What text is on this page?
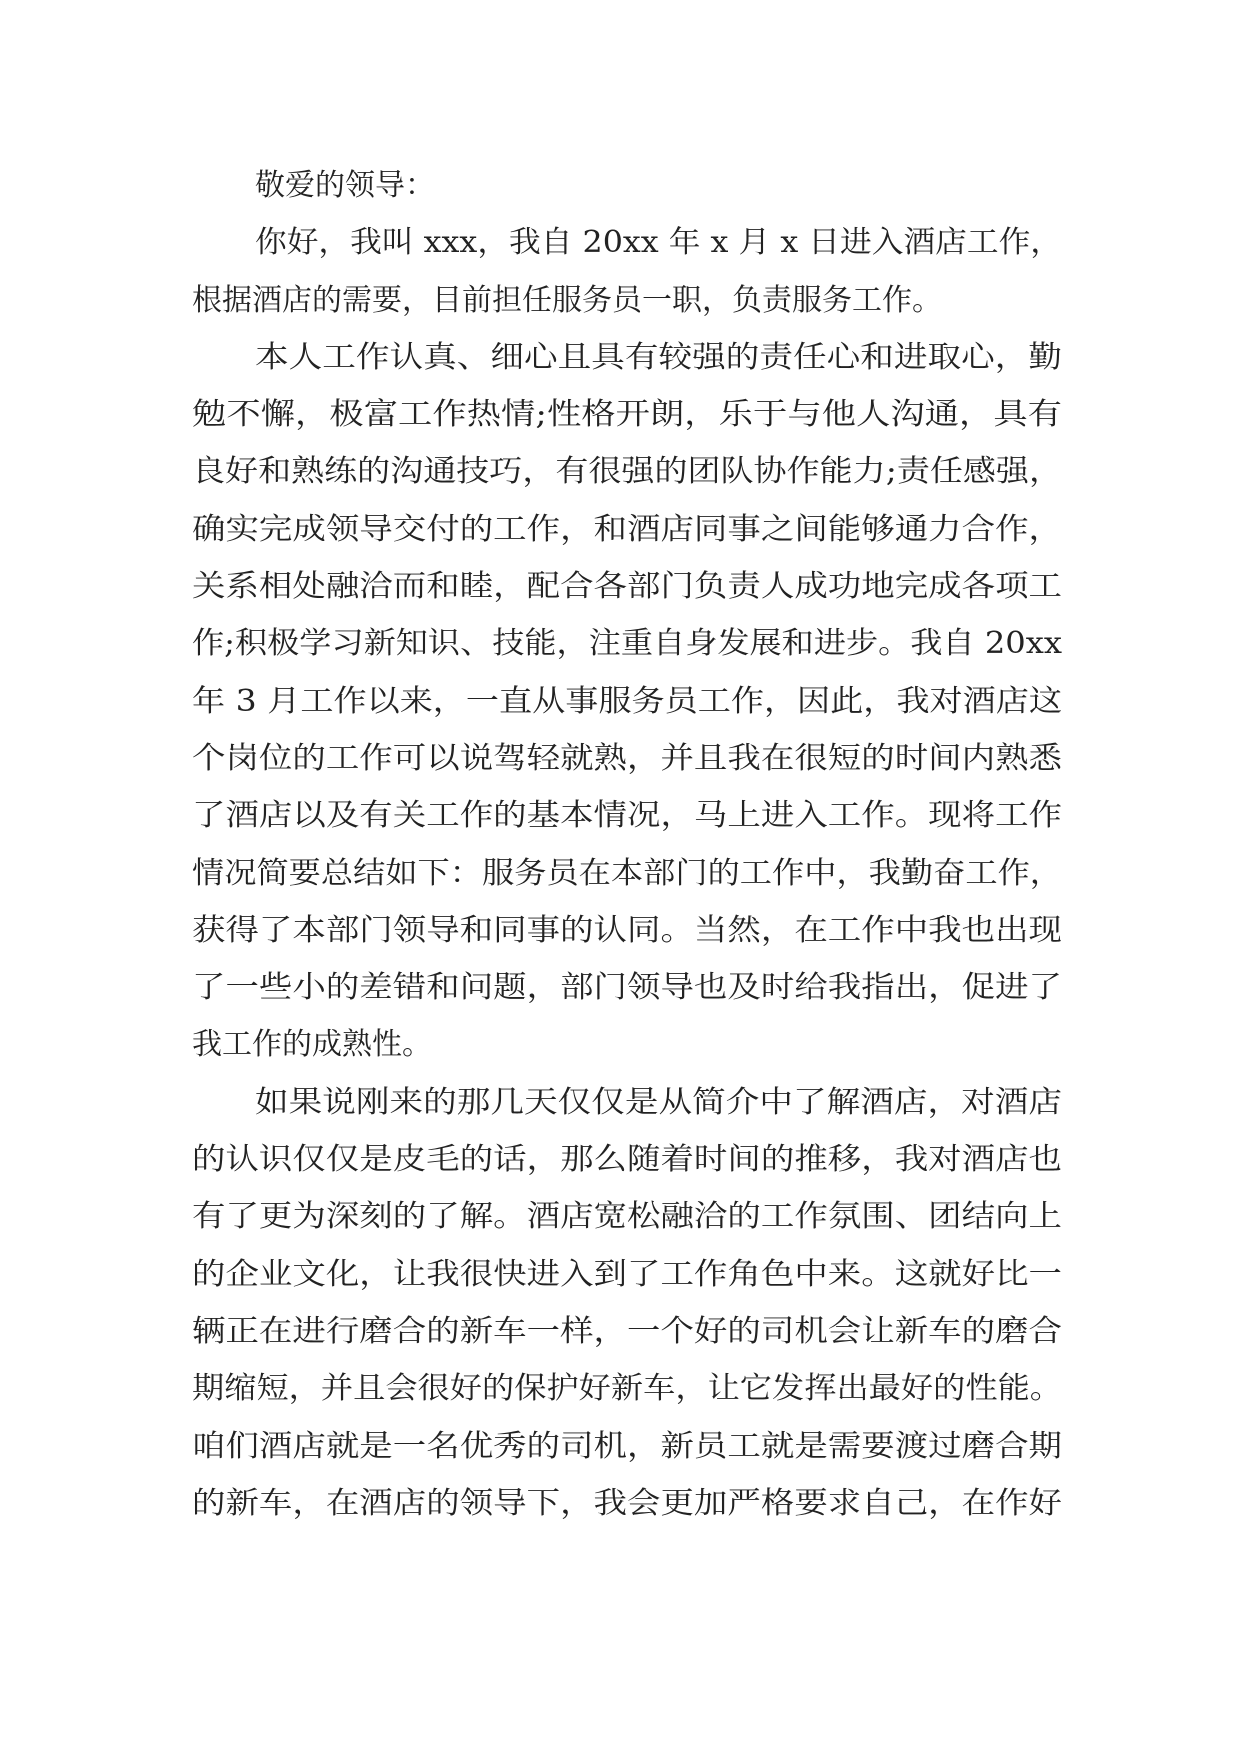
敬爱的领导：
你好，我叫 xxx，我自 20xx 年 x 月 x 日进入酒店工作，
根据酒店的需要，目前担任服务员一职，负责服务工作。
本人工作认真、细心且具有较强的责任心和进取心，勤
勉不懈，极富工作热情;性格开朗，乐于与他人沟通，具有
良好和熟练的沟通技巧，有很强的团队协作能力;责任感强，
确实完成领导交付的工作，和酒店同事之间能够通力合作，
关系相处融洽而和睦，配合各部门负责人成功地完成各项工
作;积极学习新知识、技能，注重自身发展和进步。我自 20xx
年 3 月工作以来，一直从事服务员工作，因此，我对酒店这
个岗位的工作可以说驾轻就熟，并且我在很短的时间内熟悉
了酒店以及有关工作的基本情况，马上进入工作。现将工作
情况简要总结如下：服务员在本部门的工作中，我勤奋工作，
获得了本部门领导和同事的认同。当然，在工作中我也出现
了一些小的差错和问题，部门领导也及时给我指出，促进了
我工作的成熟性。
如果说刚来的那几天仅仅是从简介中了解酒店，对酒店
的认识仅仅是皮毛的话，那么随着时间的推移，我对酒店也
有了更为深刻的了解。酒店宽松融洽的工作氛围、团结向上
的企业文化，让我很快进入到了工作角色中来。这就好比一
辆正在进行磨合的新车一样，一个好的司机会让新车的磨合
期缩短，并且会很好的保护好新车，让它发挥出最好的性能。
咱们酒店就是一名优秀的司机，新员工就是需要渡过磨合期
的新车，在酒店的领导下，我会更加严格要求自己，在作好
